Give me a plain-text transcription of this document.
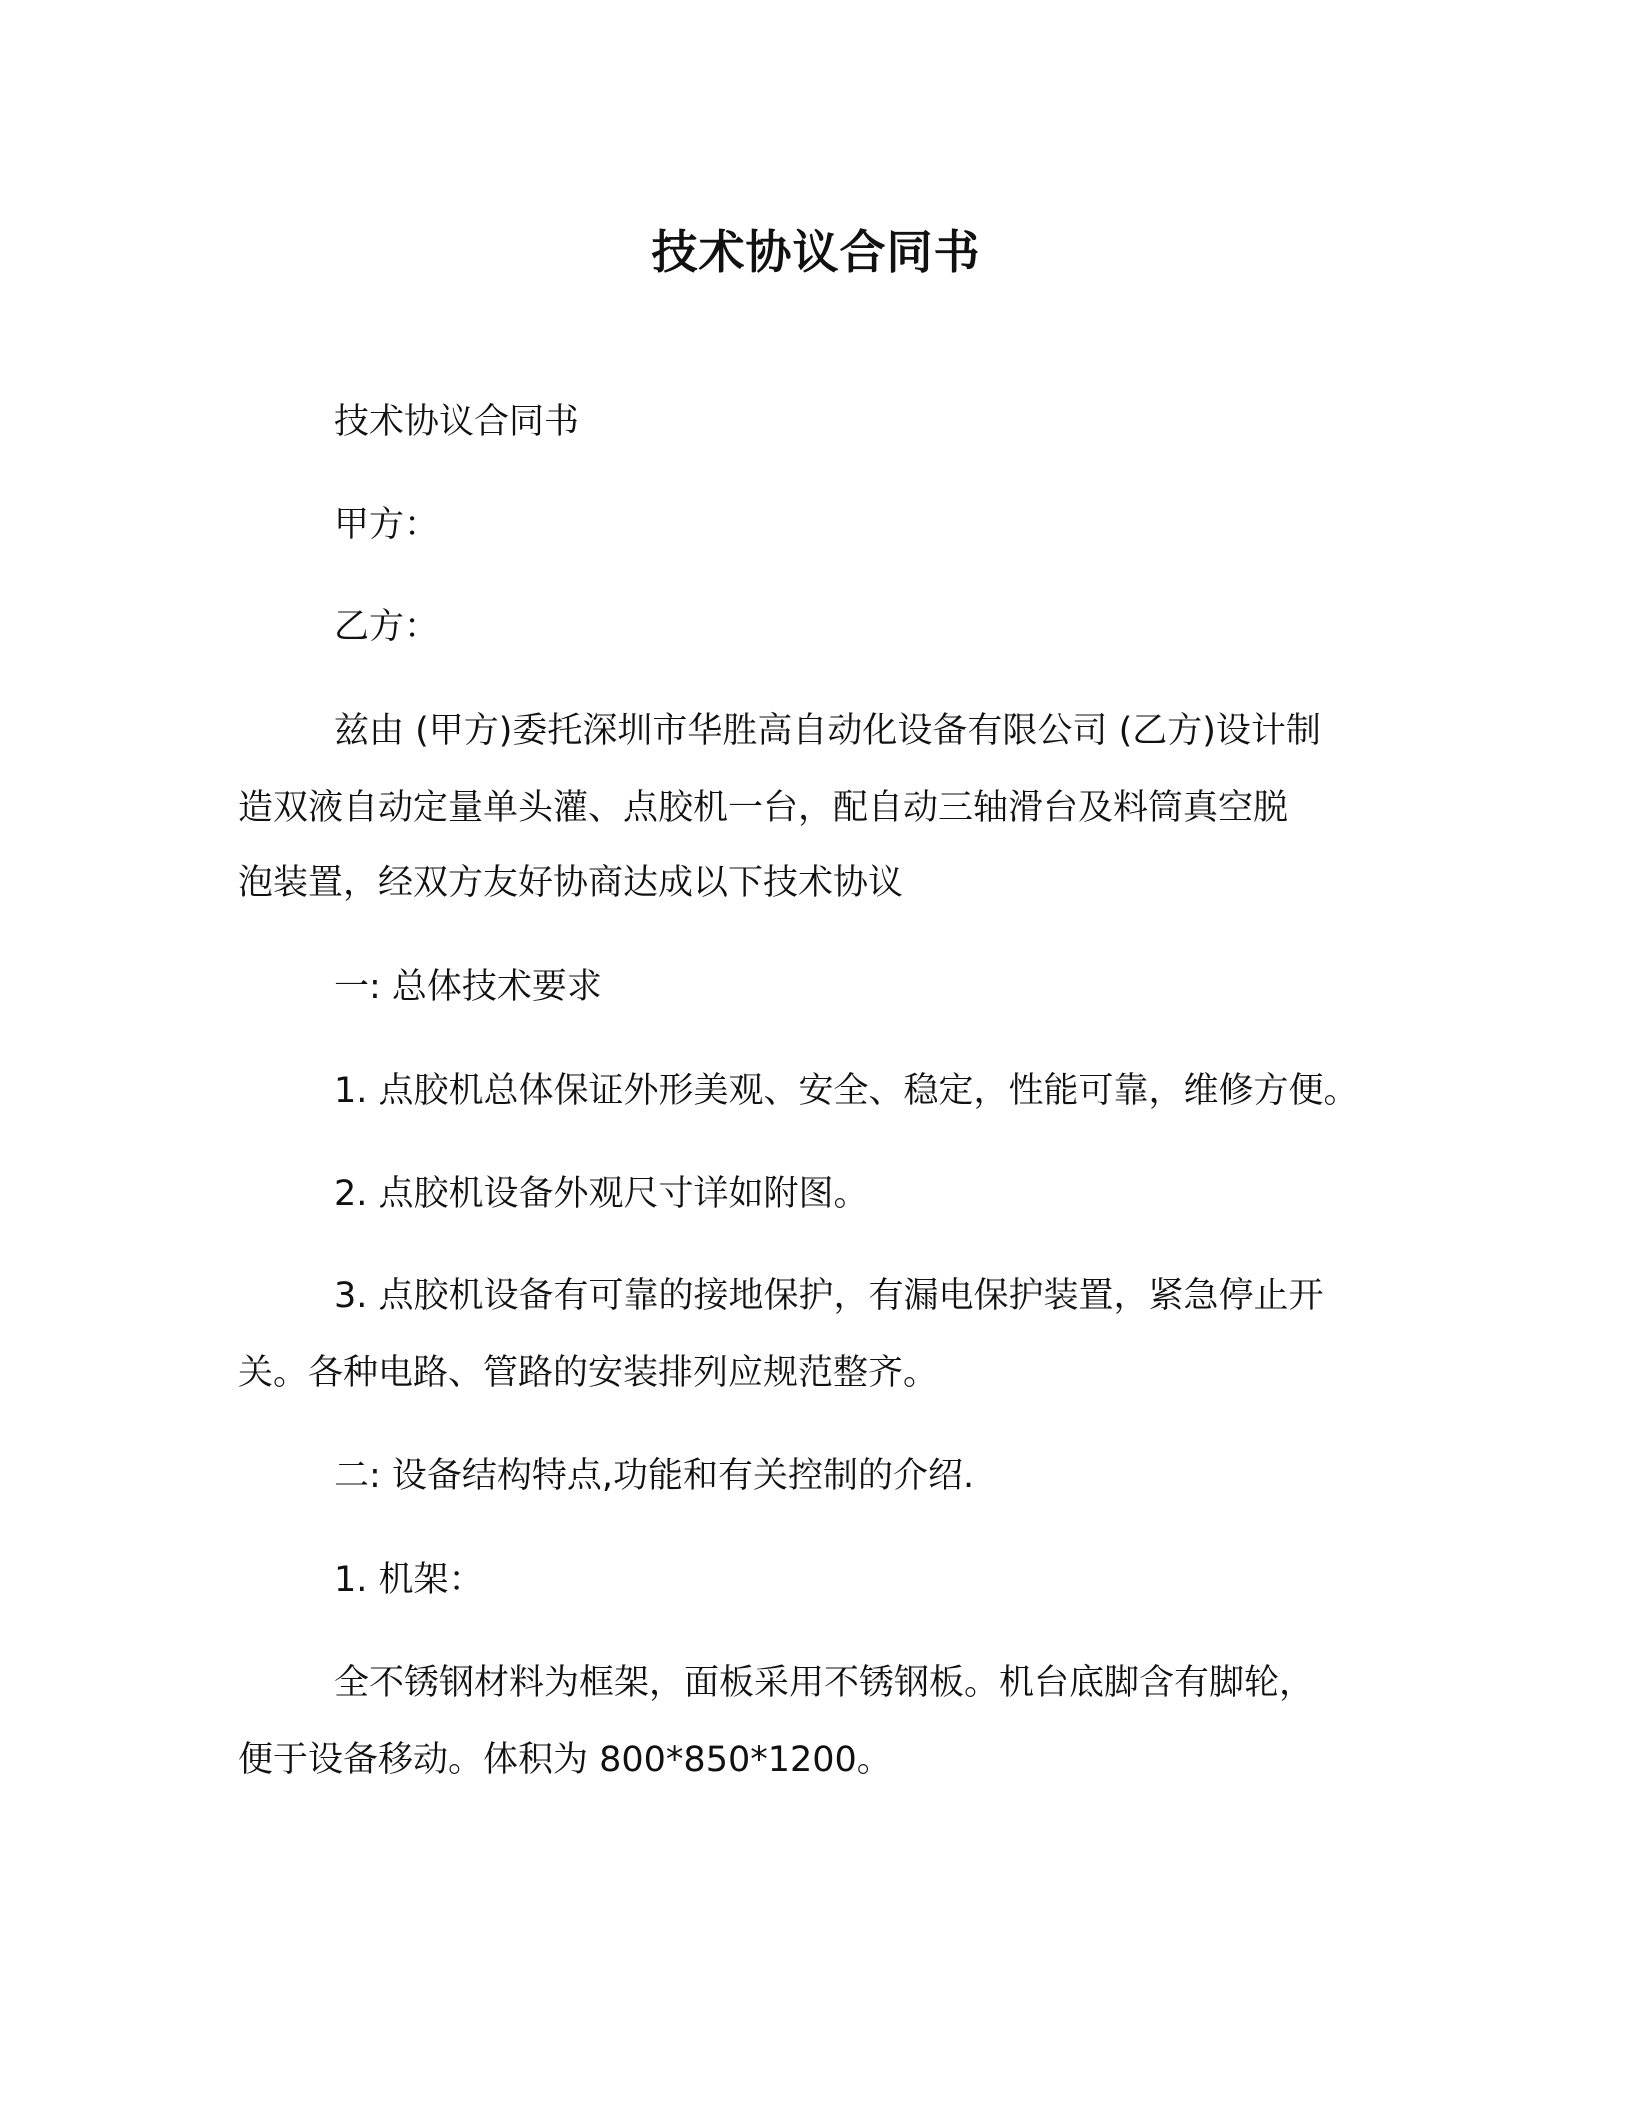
技术协议合同书
技术协议合同书
甲方：
乙方：
兹由 (甲方)委托深圳市华胜高自动化设备有限公司 (乙方)设计制
造双液自动定量单头灌、点胶机一台，配自动三轴滑台及料筒真空脱
泡装置，经双方友好协商达成以下技术协议
一: 总体技术要求
1. 点胶机总体保证外形美观、安全、稳定，性能可靠，维修方便。
2. 点胶机设备外观尺寸详如附图。
3. 点胶机设备有可靠的接地保护，有漏电保护装置，紧急停止开
关。各种电路、管路的安装排列应规范整齐。
二: 设备结构特点,功能和有关控制的介绍.
1. 机架：
全不锈钢材料为框架，面板采用不锈钢板。机台底脚含有脚轮，
便于设备移动。体积为 800*850*1200。
